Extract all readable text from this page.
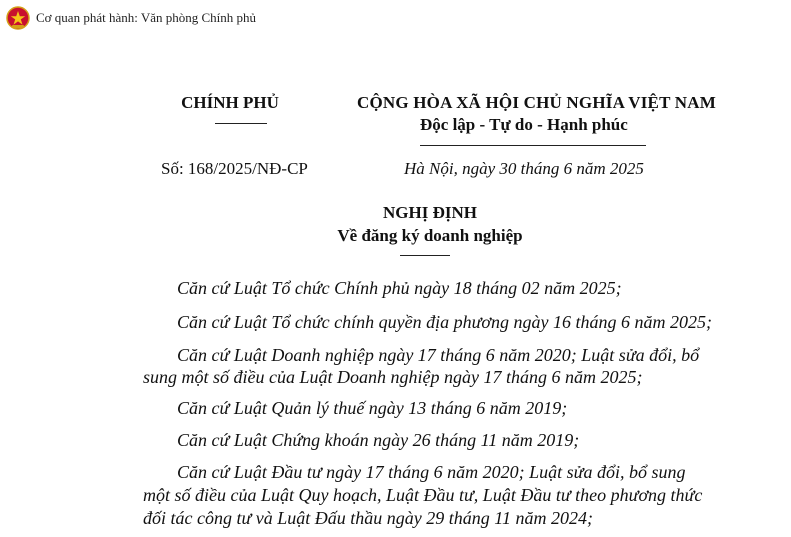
Cơ quan phát hành: Văn phòng Chính phủ
CHÍNH PHỦ	CỘNG HÒA XÃ HỘI CHỦ NGHĨA VIỆT NAM
Độc lập - Tự do - Hạnh phúc
Số: 168/2025/NĐ-CP	Hà Nội, ngày 30 tháng 6 năm 2025
NGHỊ ĐỊNH
Về đăng ký doanh nghiệp
Căn cứ Luật Tổ chức Chính phủ ngày 18 tháng 02 năm 2025;
Căn cứ Luật Tổ chức chính quyền địa phương ngày 16 tháng 6 năm 2025;
Căn cứ Luật Doanh nghiệp ngày 17 tháng 6 năm 2020; Luật sửa đổi, bổ
sung một số điều của Luật Doanh nghiệp ngày 17 tháng 6 năm 2025;
Căn cứ Luật Quản lý thuế ngày 13 tháng 6 năm 2019;
Căn cứ Luật Chứng khoán ngày 26 tháng 11 năm 2019;
Căn cứ Luật Đầu tư ngày 17 tháng 6 năm 2020; Luật sửa đổi, bổ sung
một số điều của Luật Quy hoạch, Luật Đầu tư, Luật Đầu tư theo phương thức
đối tác công tư và Luật Đấu thầu ngày 29 tháng 11 năm 2024;
